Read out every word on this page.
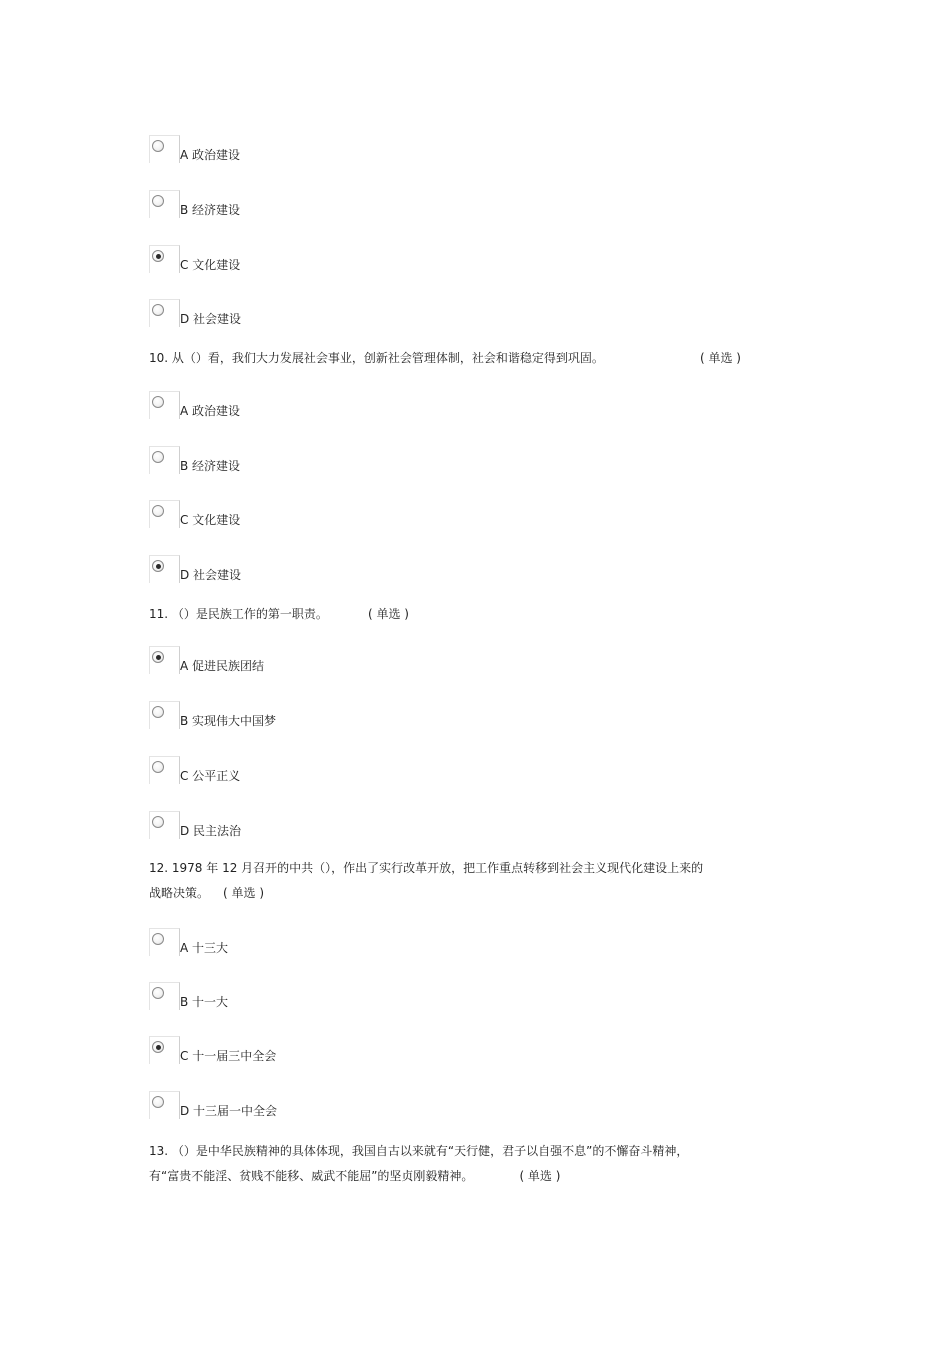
A 政治建设
B 经济建设
C 文化建设
D 社会建设
10. 从（）看，我们大力发展社会事业，创新社会管理体制，社会和谐稳定得到巩固。	( 单选 )
A 政治建设
B 经济建设
C 文化建设
D 社会建设
11. （）是民族工作的第一职责。	( 单选 )
A 促进民族团结
B 实现伟大中国梦
C 公平正义
D 民主法治
12. 1978 年 12 月召开的中共（），作出了实行改革开放，把工作重点转移到社会主义现代化建设上来的
战略决策。 ( 单选 )
A 十三大
B 十一大
C 十一届三中全会
D 十三届一中全会
13. （）是中华民族精神的具体体现，我国自古以来就有“天行健，君子以自强不息”的不懈奋斗精神，
有“富贵不能淫、贫贱不能移、威武不能屈”的坚贞刚毅精神。	( 单选 )
